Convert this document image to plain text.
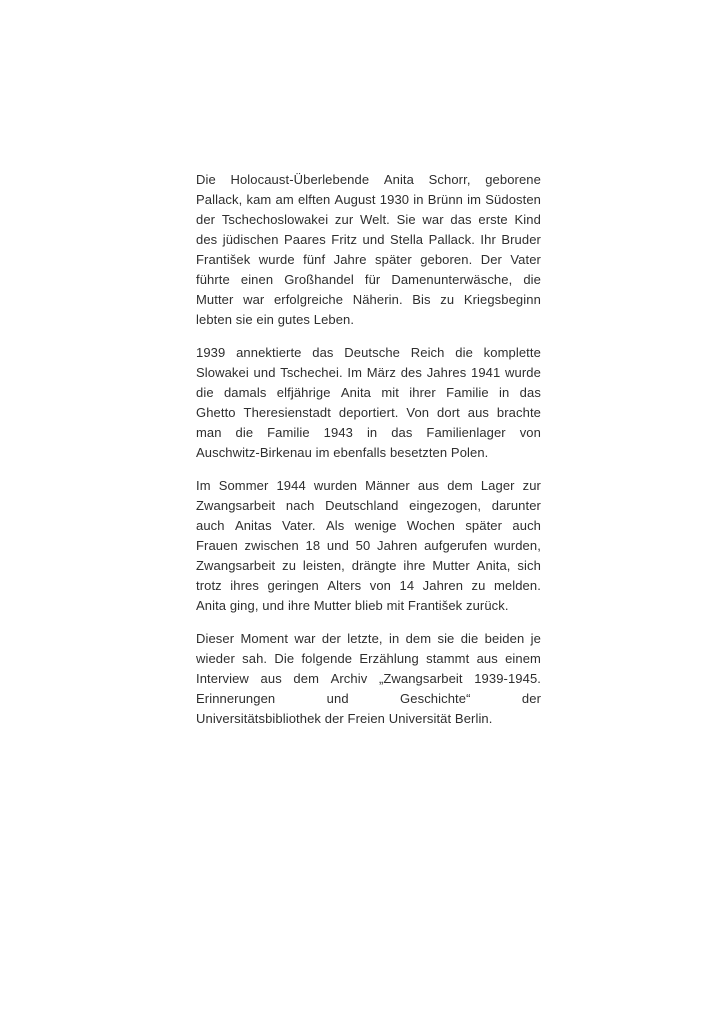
Die Holocaust-Überlebende Anita Schorr, geborene
Pallack, kam am elften August 1930 in Brünn im Südosten
der Tschechoslowakei zur Welt. Sie war das erste Kind
des jüdischen Paares Fritz und Stella Pallack. Ihr Bruder
František wurde fünf Jahre später geboren. Der Vater
führte einen Großhandel für Damenunterwäsche, die
Mutter war erfolgreiche Näherin. Bis zu Kriegsbeginn
lebten sie ein gutes Leben.
1939 annektierte das Deutsche Reich die komplette
Slowakei und Tschechei. Im März des Jahres 1941 wurde
die damals elfjährige Anita mit ihrer Familie in das
Ghetto Theresienstadt deportiert. Von dort aus brachte
man die Familie 1943 in das Familienlager von
Auschwitz-Birkenau im ebenfalls besetzten Polen.
Im Sommer 1944 wurden Männer aus dem Lager zur
Zwangsarbeit nach Deutschland eingezogen, darunter
auch Anitas Vater. Als wenige Wochen später auch
Frauen zwischen 18 und 50 Jahren aufgerufen wurden,
Zwangsarbeit zu leisten, drängte ihre Mutter Anita, sich
trotz ihres geringen Alters von 14 Jahren zu melden.
Anita ging, und ihre Mutter blieb mit František zurück.
Dieser Moment war der letzte, in dem sie die beiden je
wieder sah. Die folgende Erzählung stammt aus einem
Interview aus dem Archiv „Zwangsarbeit 1939-1945.
Erinnerungen	und	Geschichte“	der
Universitätsbibliothek der Freien Universität Berlin.
